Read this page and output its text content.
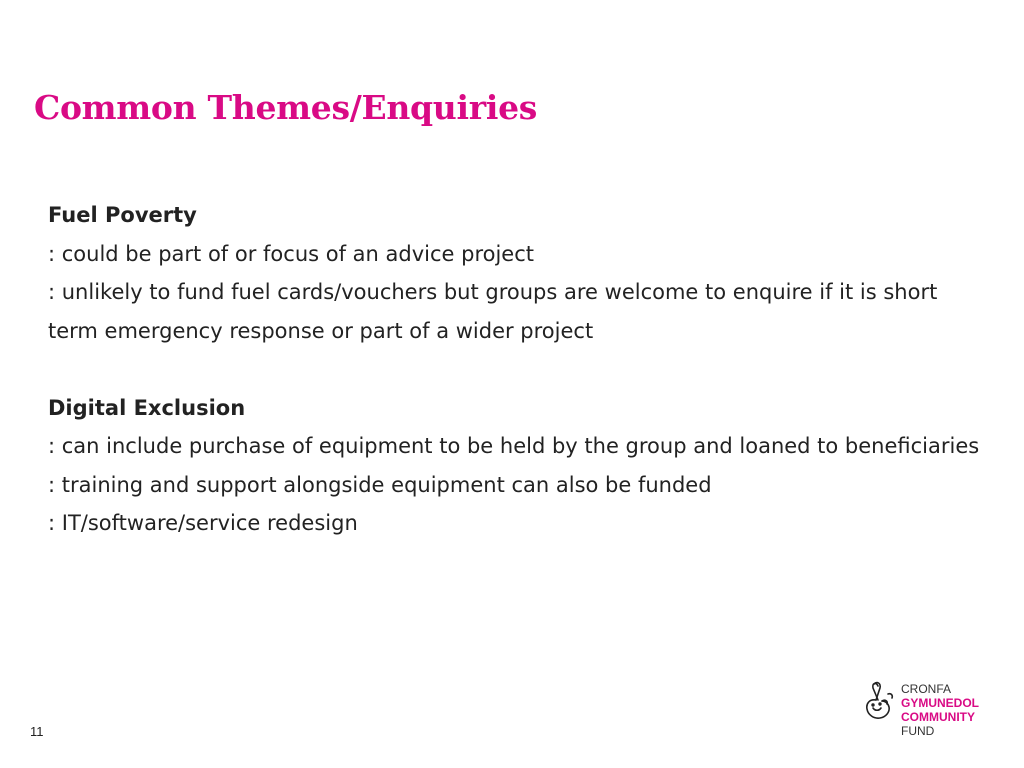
Common Themes/Enquiries
Fuel Poverty
: could be part of or focus of an advice project
: unlikely to fund fuel cards/vouchers but groups are welcome to enquire if it is short term emergency response or part of a wider project
Digital Exclusion
: can include purchase of equipment to be held by the group and loaned to beneficiaries
: training and support alongside equipment can also be funded
: IT/software/service redesign
11
CRONFA
GYMUNEDOL
COMMUNITY
FUND
